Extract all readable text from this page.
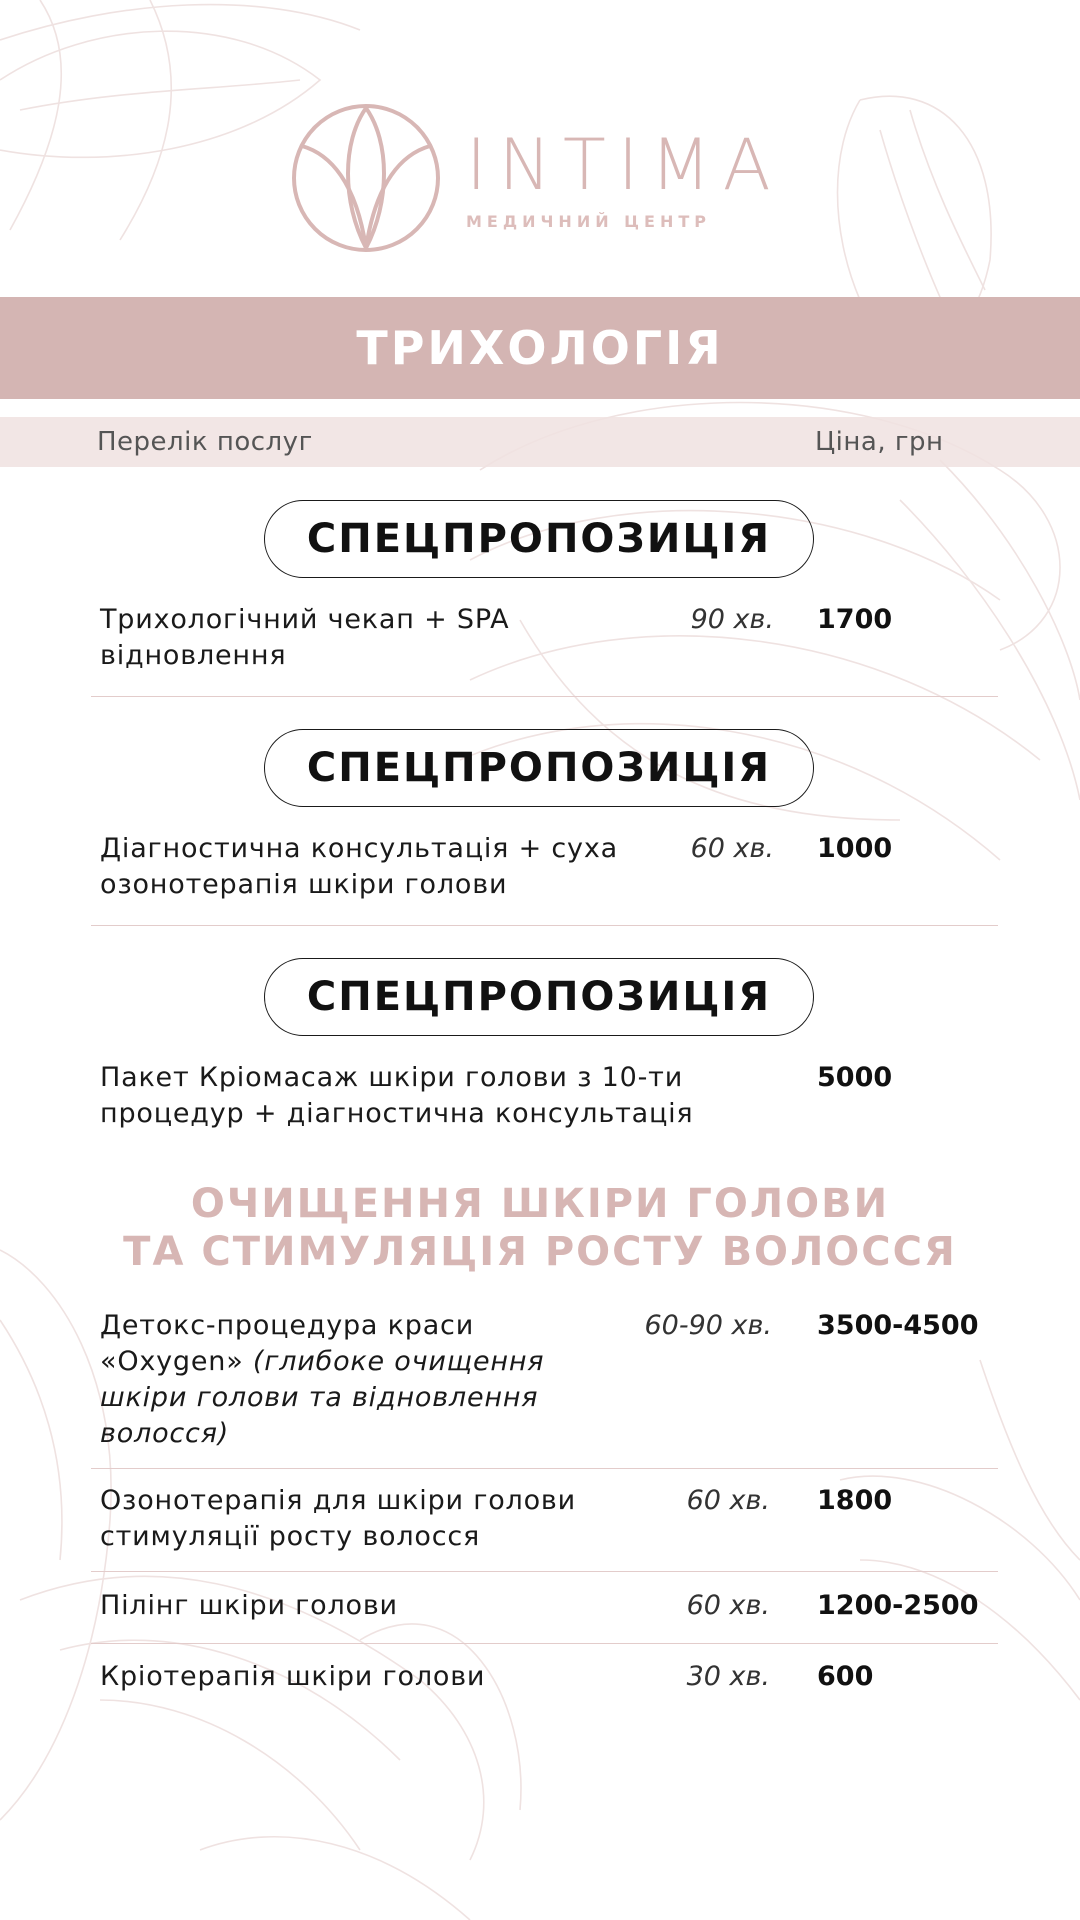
INTIMA
МЕДИЧНИЙ ЦЕНТР
ТРИХОЛОГІЯ
Перелік послуг	Ціна, грн
СПЕЦПРОПОЗИЦІЯ
Трихологічний чекап + SPA
відновлення
90 хв. 1700
СПЕЦПРОПОЗИЦІЯ
Діагностична консультація + суха
озонотерапія шкіри голови
60 хв. 1000
СПЕЦПРОПОЗИЦІЯ
Пакет Кріомасаж шкіри голови з 10-ти
процедур + діагностична консультація
5000
ОЧИЩЕННЯ ШКІРИ ГОЛОВИ
ТА СТИМУЛЯЦІЯ РОСТУ ВОЛОССЯ
Детокс-процедура краси
«Oxygen» (глибоке очищення
шкіри голови та відновлення
волосся)
60-90 хв. 3500-4500
Озонотерапія для шкіри голови
стимуляції росту волосся
60 хв. 1800
Пілінг шкіри голови	60 хв. 1200-2500
Кріотерапія шкіри голови	30 хв. 600
